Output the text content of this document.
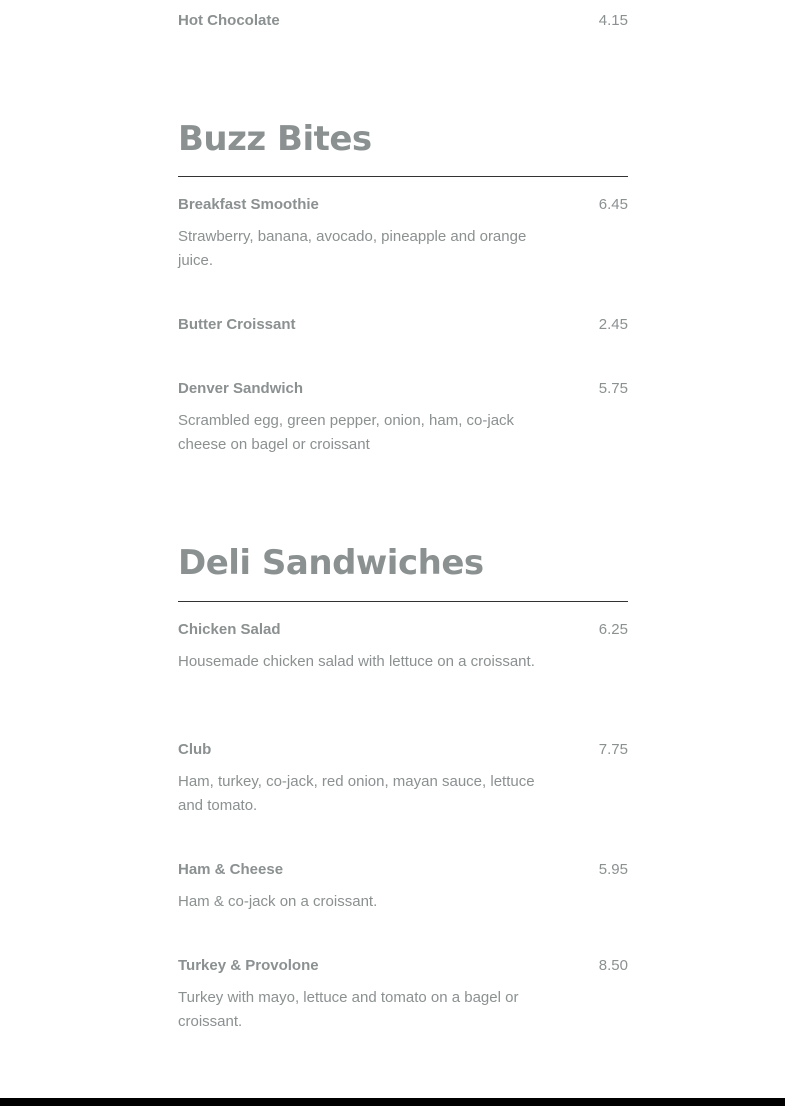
Hot Chocolate	4.15
Buzz Bites
Breakfast Smoothie	6.45
Strawberry, banana, avocado, pineapple and orange juice.
Butter Croissant	2.45
Denver Sandwich	5.75
Scrambled egg, green pepper, onion, ham, co-jack cheese on bagel or croissant
Deli Sandwiches
Chicken Salad	6.25
Housemade chicken salad with lettuce on a croissant.
Club	7.75
Ham, turkey, co-jack, red onion, mayan sauce, lettuce and tomato.
Ham & Cheese	5.95
Ham & co-jack on a croissant.
Turkey & Provolone	8.50
Turkey with mayo, lettuce and tomato on a bagel or croissant.
